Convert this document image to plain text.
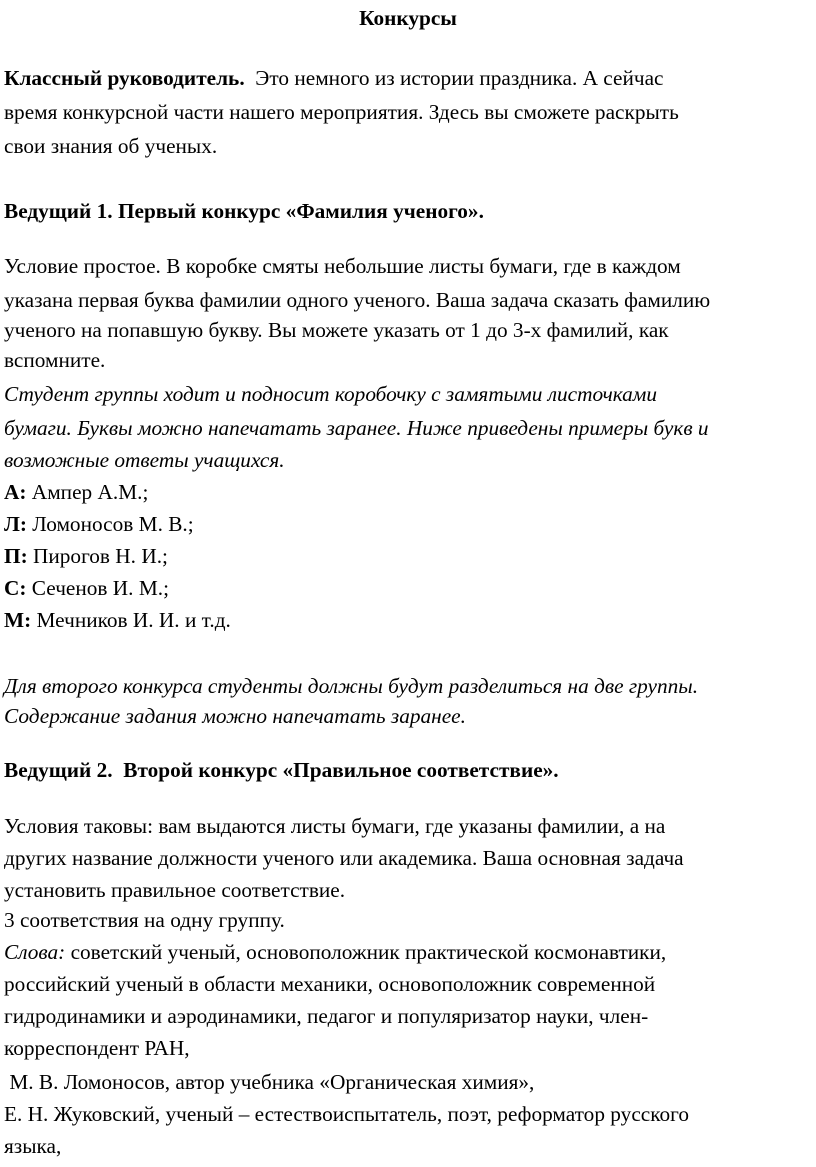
Конкурсы
Классный руководитель.  Это немного из истории праздника. А сейчас
время конкурсной части нашего мероприятия. Здесь вы сможете раскрыть
свои знания об ученых.
Ведущий 1. Первый конкурс «Фамилия ученого».
Условие простое. В коробке смяты небольшие листы бумаги, где в каждом
указана первая буква фамилии одного ученого. Ваша задача сказать фамилию
ученого на попавшую букву. Вы можете указать от 1 до 3-х фамилий, как
вспомните.
Студент группы ходит и подносит коробочку с замятыми листочками
бумаги. Буквы можно напечатать заранее. Ниже приведены примеры букв и
возможные ответы учащихся.
А: Ампер А.М.;
Л: Ломоносов М. В.;
П: Пирогов Н. И.;
С: Сеченов И. М.;
М: Мечников И. И. и т.д.
Для второго конкурса студенты должны будут разделиться на две группы.
Содержание задания можно напечатать заранее.
Ведущий 2.  Второй конкурс «Правильное соответствие».
Условия таковы: вам выдаются листы бумаги, где указаны фамилии, а на
других название должности ученого или академика. Ваша основная задача
установить правильное соответствие.
3 соответствия на одну группу.
Слова: советский ученый, основоположник практической космонавтики,
российский ученый в области механики, основоположник современной
гидродинамики и аэродинамики, педагог и популяризатор науки, член-
корреспондент РАН,
М. В. Ломоносов, автор учебника «Органическая химия»,
Е. Н. Жуковский, ученый – естествоиспытатель, поэт, реформатор русского
языка,
